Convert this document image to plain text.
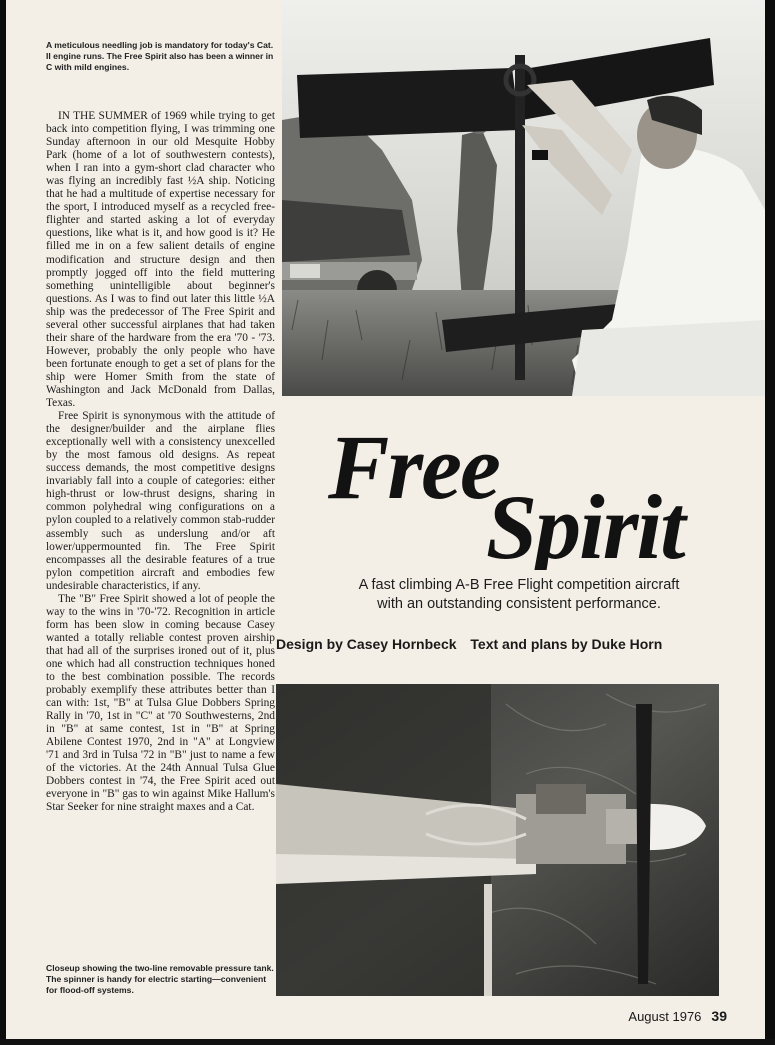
A meticulous needling job is mandatory for today's Cat. II engine runs. The Free Spirit also has been a winner in C with mild engines.

IN THE SUMMER of 1969 while trying to get back into competition flying, I was trimming one Sunday afternoon in our old Mesquite Hobby Park (home of a lot of southwestern contests), when I ran into a gym-short clad character who was flying an incredibly fast ½A ship. Noticing that he had a multitude of expertise necessary for the sport, I introduced myself as a recycled free-flighter and started asking a lot of everyday questions, like what is it, and how good is it? He filled me in on a few salient details of engine modification and structure design and then promptly jogged off into the field muttering something unintelligible about beginner's questions. As I was to find out later this little ½A ship was the predecessor of The Free Spirit and several other successful airplanes that had taken their share of the hardware from the era '70 - '73. However, probably the only people who have been fortunate enough to get a set of plans for the ship were Homer Smith from the state of Washington and Jack McDonald from Dallas, Texas.

Free Spirit is synonymous with the attitude of the designer/builder and the airplane flies exceptionally well with a consistency unexcelled by the most famous old designs. As repeat success demands, the most competitive designs invariably fall into a couple of categories: either high-thrust or low-thrust designs, sharing in common polyhedral wing configurations on a pylon coupled to a relatively common stab-rudder assembly such as underslung and/or aft lower/uppermounted fin. The Free Spirit encompasses all the desirable features of a true pylon competition aircraft and embodies few undesirable characteristics, if any.

The "B" Free Spirit showed a lot of people the way to the wins in '70-'72. Recognition in article form has been slow in coming because Casey wanted a totally reliable contest proven airship that had all of the surprises ironed out of it, plus one which had all construction techniques honed to the best combination possible. The records probably exemplify these attributes better than I can with: 1st, "B" at Tulsa Glue Dobbers Spring Rally in '70, 1st in "C" at '70 Southwesterns, 2nd in "B" at same contest, 1st in "B" at Spring Abilene Contest 1970, 2nd in "A" at Longview '71 and 3rd in Tulsa '72 in "B" just to name a few of the victories. At the 24th Annual Tulsa Glue Dobbers contest in '74, the Free Spirit aced out everyone in "B" gas to win against Mike Hallum's Star Seeker for nine straight maxes and a Cat.

Free
Spirit
A fast climbing A-B Free Flight competition aircraft
with an outstanding consistent performance.
Design by Casey Hornbeck Text and plans by Duke Horn
Closeup showing the two-line removable pressure tank. The spinner is handy for electric starting—convenient for flood-off systems.
August 1976 39
